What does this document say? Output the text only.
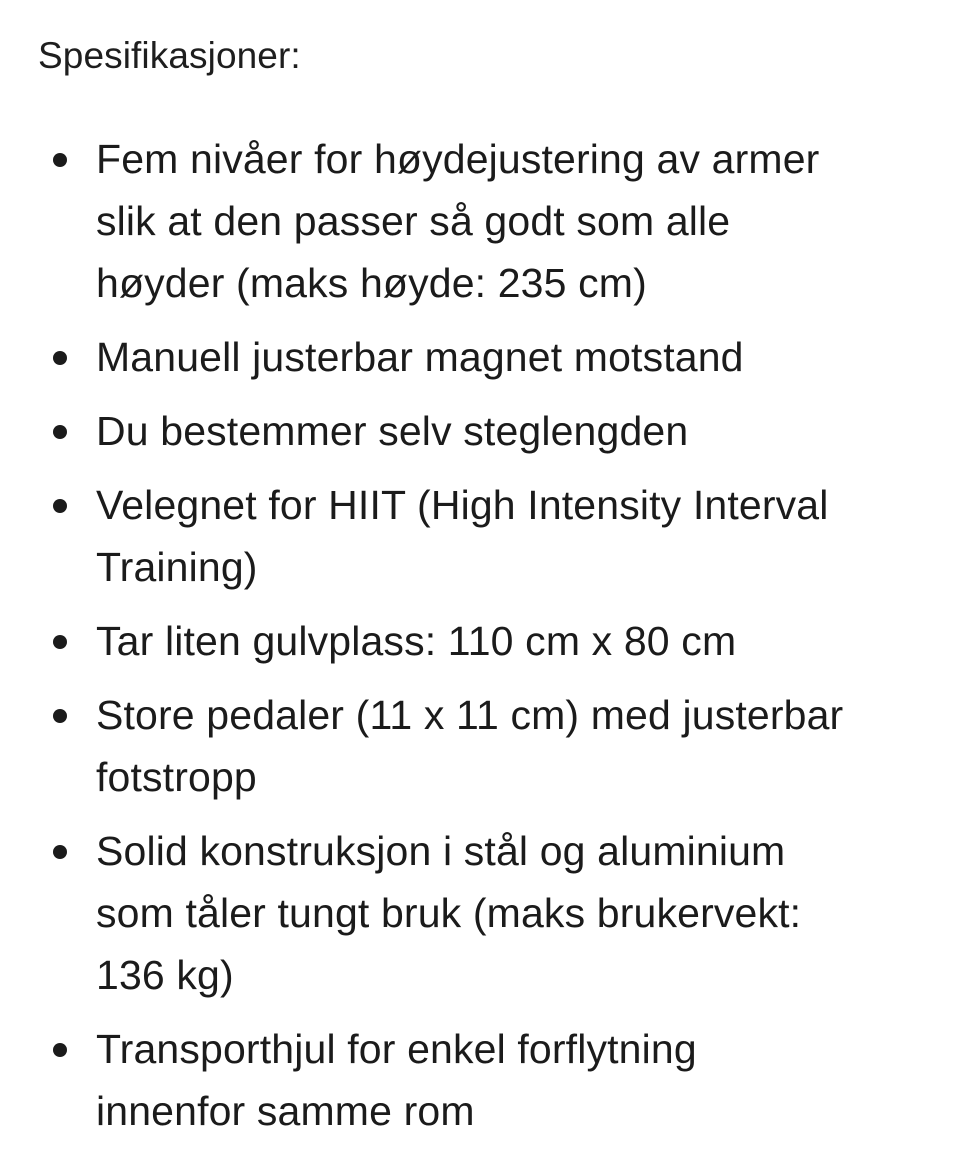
Spesifikasjoner:
Fem nivåer for høydejustering av armer
slik at den passer så godt som alle
høyder (maks høyde: 235 cm)
Manuell justerbar magnet motstand
Du bestemmer selv steglengden
Velegnet for HIIT (High Intensity Interval
Training)
Tar liten gulvplass: 110 cm x 80 cm
Store pedaler (11 x 11 cm) med justerbar
fotstropp
Solid konstruksjon i stål og aluminium
som tåler tungt bruk (maks brukervekt:
136 kg)
Transporthjul for enkel forflytning
innenfor samme rom
